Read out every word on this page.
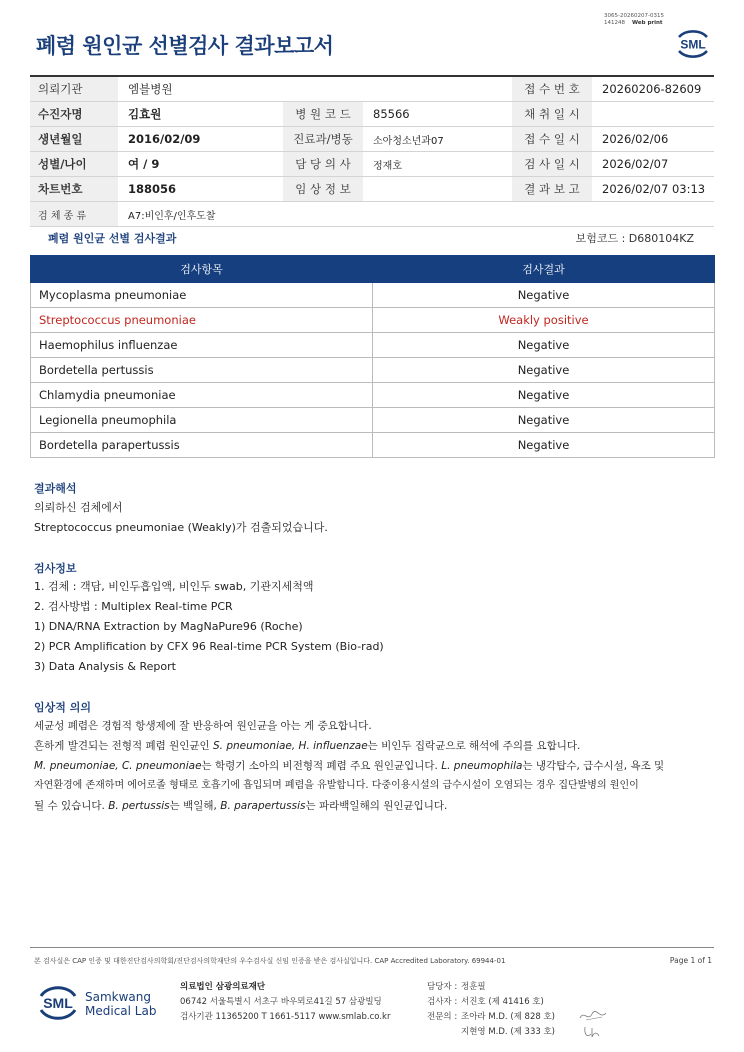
3065-20260207-0315
141248 Web print
폐렴 원인균 선별검사 결과보고서	SML
의뢰기관	엠블병원			접 수 번 호	20260206-82609
수진자명	김효원	병 원 코 드	85566	채 취 일 시	
생년월일	2016/02/09	진료과/병동	소아청소년과07	접 수 일 시	2026/02/06
성별/나이	여 / 9	담 당 의 사	정재호	검 사 일 시	2026/02/07
차트번호	188056	임 상 정 보		결 과 보 고	2026/02/07 03:13
검 체 종 류	A7:비인후/인후도찰				
폐렴 원인균 선별 검사결과	보험코드 : D680104KZ
검사항목	검사결과
Mycoplasma pneumoniae	Negative
Streptococcus pneumoniae	Weakly positive
Haemophilus influenzae	Negative
Bordetella pertussis	Negative
Chlamydia pneumoniae	Negative
Legionella pneumophila	Negative
Bordetella parapertussis	Negative
결과해석
의뢰하신 검체에서
Streptococcus pneumoniae (Weakly)가 검출되었습니다.
검사정보
1. 검체 : 객담, 비인두흡입액, 비인두 swab, 기관지세척액
2. 검사방법 : Multiplex Real-time PCR
1) DNA/RNA Extraction by MagNaPure96 (Roche)
2) PCR Amplification by CFX 96 Real-time PCR System (Bio-rad)
3) Data Analysis & Report
임상적 의의
세균성 폐렴은 경험적 항생제에 잘 반응하여 원인균을 아는 게 중요합니다.
흔하게 발견되는 전형적 폐렴 원인균인 S. pneumoniae, H. influenzae는 비인두 집락균으로 해석에 주의를 요합니다.
M. pneumoniae, C. pneumoniae는 학령기 소아의 비전형적 폐렴 주요 원인균입니다. L. pneumophila는 냉각탑수, 급수시설, 욕조 및
자연환경에 존재하며 에어로졸 형태로 호흡기에 흡입되며 폐렴을 유발합니다. 다중이용시설의 급수시설이 오염되는 경우 집단발병의 원인이
될 수 있습니다. B. pertussis는 백일해, B. parapertussis는 파라백일해의 원인균입니다.
본 검사실은 CAP 인증 및 대한진단검사의학회/진단검사의학재단의 우수검사실 신임 인증을 받은 검사실입니다. CAP Accredited Laboratory. 69944-01	Page 1 of 1
SML Samkwang
Medical Lab
의료법인 삼광의료재단
06742 서울특별시 서초구 바우뫼로41길 57 삼광빌딩
검사기관 11365200 T 1661-5117 www.smlab.co.kr
담당자 : 정훈필
검사자 : 서진호 (제 41416 호)
전문의 : 조아라 M.D. (제 828 호)
지현영 M.D. (제 333 호)
